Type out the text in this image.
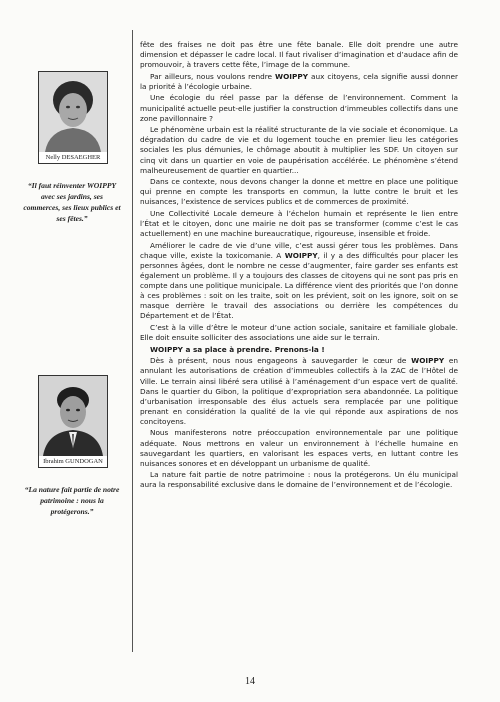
Nelly DESAEGHER
“Il faut réinventer WOIPPY avec ses jardins, ses commerces, ses lieux publics et ses fêtes.”
Ibrahim GUNDOGAN
“La nature fait partie de notre patrimoine : nous la protégerons.”

fête des fraises ne doit pas être une fête banale. Elle doit prendre une autre dimension et dépasser le cadre local. Il faut rivaliser d’imagination et d’audace afin de promouvoir, à travers cette fête, l’image de la commune.

Par ailleurs, nous voulons rendre WOIPPY aux citoyens, cela signifie aussi donner la priorité à l’écologie urbaine.

Une écologie du réel passe par la défense de l’environnement. Comment la municipalité actuelle peut-elle justifier la construction d’immeubles collectifs dans une zone pavillonnaire ?

Le phénomène urbain est la réalité structurante de la vie sociale et économique. La dégradation du cadre de vie et du logement touche en premier lieu les catégories sociales les plus démunies, le chômage aboutit à multiplier les SDF. Un citoyen sur cinq vit dans un quartier en voie de paupérisation accélérée. Le phénomène s’étend malheureusement de quartier en quartier...

Dans ce contexte, nous devons changer la donne et mettre en place une politique qui prenne en compte les transports en commun, la lutte contre le bruit et les nuisances, l’existence de services publics et de commerces de proximité.

Une Collectivité Locale demeure à l’échelon humain et représente le lien entre l’État et le citoyen, donc une mairie ne doit pas se transformer (comme c’est le cas actuellement) en une machine bureaucratique, rigoureuse, insensible et froide.

Améliorer le cadre de vie d’une ville, c’est aussi gérer tous les problèmes. Dans chaque ville, existe la toxicomanie. A WOIPPY, il y a des difficultés pour placer les personnes âgées, dont le nombre ne cesse d’augmenter, faire garder ses enfants est également un problème. Il y a toujours des classes de citoyens qui ne sont pas pris en compte dans une politique municipale. La différence vient des priorités que l’on donne à ces problèmes : soit on les traite, soit on les prévient, soit on les ignore, soit on se masque derrière le travail des associations ou derrière les compétences du Département et de l’État.

C’est à la ville d’être le moteur d’une action sociale, sanitaire et familiale globale. Elle doit ensuite solliciter des associations une aide sur le terrain.

WOIPPY a sa place à prendre. Prenons-la !

Dès à présent, nous nous engageons à sauvegarder le cœur de WOIPPY en annulant les autorisations de création d’immeubles collectifs à la ZAC de l’Hôtel de Ville. Le terrain ainsi libéré sera utilisé à l’aménagement d’un espace vert de qualité. Dans le quartier du Gibon, la politique d’expropriation sera abandonnée. La politique d’urbanisation irresponsable des élus actuels sera remplacée par une politique prenant en considération la qualité de la vie qui réponde aux aspirations de nos concitoyens.

Nous manifesterons notre préoccupation environnementale par une politique adéquate. Nous mettrons en valeur un environnement à l’échelle humaine en sauvegardant les quartiers, en valorisant les espaces verts, en luttant contre les nuisances sonores et en développant un urbanisme de qualité.

La nature fait partie de notre patrimoine : nous la protégerons. Un élu municipal aura la responsabilité exclusive dans le domaine de l’environnement et de l’écologie.

14
